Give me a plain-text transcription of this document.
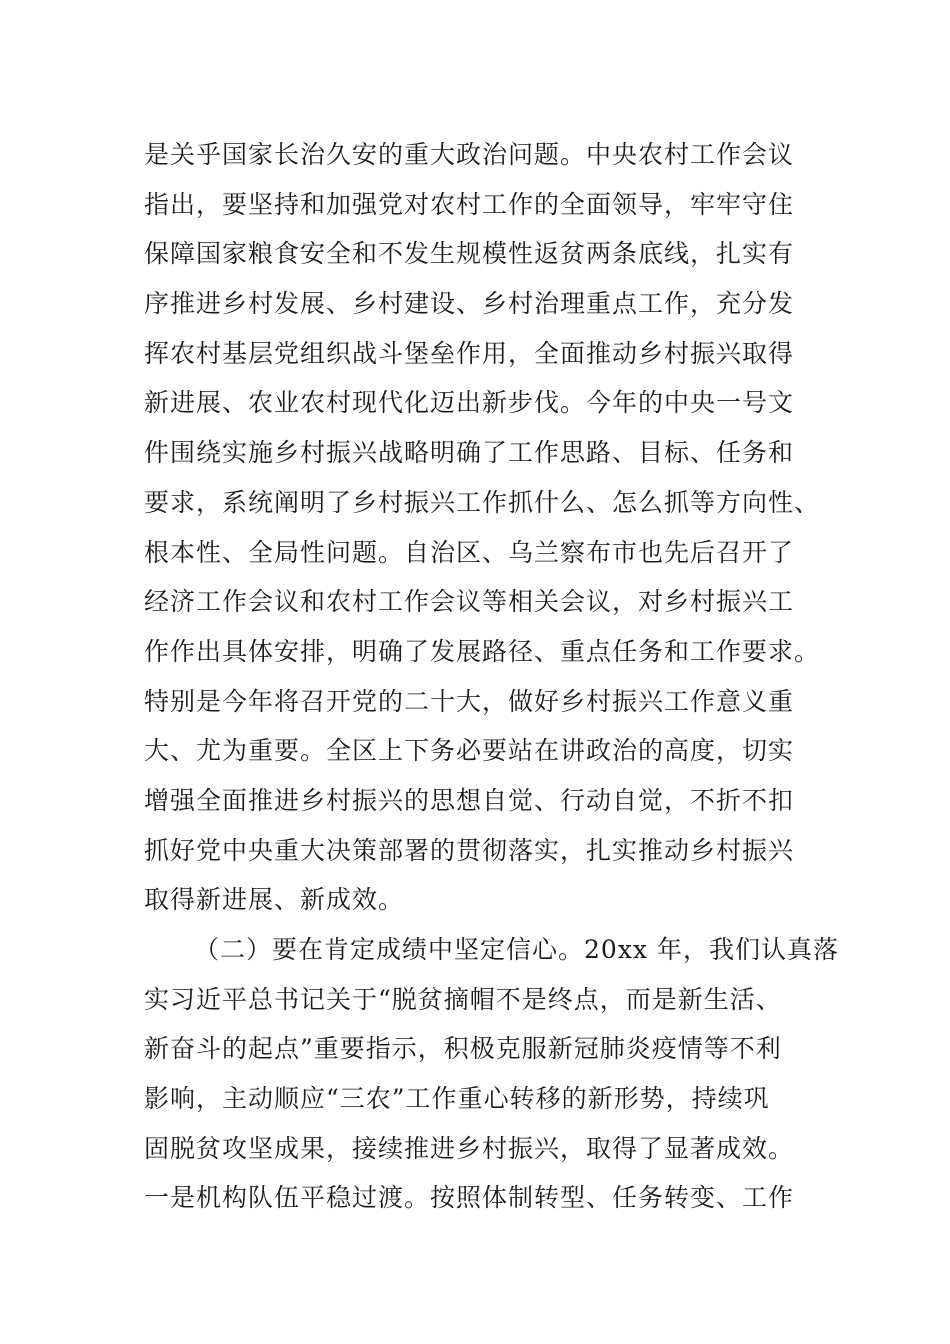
是关乎国家长治久安的重大政治问题。中央农村工作会议
指出，要坚持和加强党对农村工作的全面领导，牢牢守住
保障国家粮食安全和不发生规模性返贫两条底线，扎实有
序推进乡村发展、乡村建设、乡村治理重点工作，充分发
挥农村基层党组织战斗堡垒作用，全面推动乡村振兴取得
新进展、农业农村现代化迈出新步伐。今年的中央一号文
件围绕实施乡村振兴战略明确了工作思路、目标、任务和
要求，系统阐明了乡村振兴工作抓什么、怎么抓等方向性、
根本性、全局性问题。自治区、乌兰察布市也先后召开了
经济工作会议和农村工作会议等相关会议，对乡村振兴工
作作出具体安排，明确了发展路径、重点任务和工作要求。
特别是今年将召开党的二十大，做好乡村振兴工作意义重
大、尤为重要。全区上下务必要站在讲政治的高度，切实
增强全面推进乡村振兴的思想自觉、行动自觉，不折不扣
抓好党中央重大决策部署的贯彻落实，扎实推动乡村振兴
取得新进展、新成效。
（二）要在肯定成绩中坚定信心。20xx 年，我们认真落
实习近平总书记关于“脱贫摘帽不是终点，而是新生活、
新奋斗的起点”重要指示，积极克服新冠肺炎疫情等不利
影响，主动顺应“三农”工作重心转移的新形势，持续巩
固脱贫攻坚成果，接续推进乡村振兴，取得了显著成效。
一是机构队伍平稳过渡。按照体制转型、任务转变、工作
